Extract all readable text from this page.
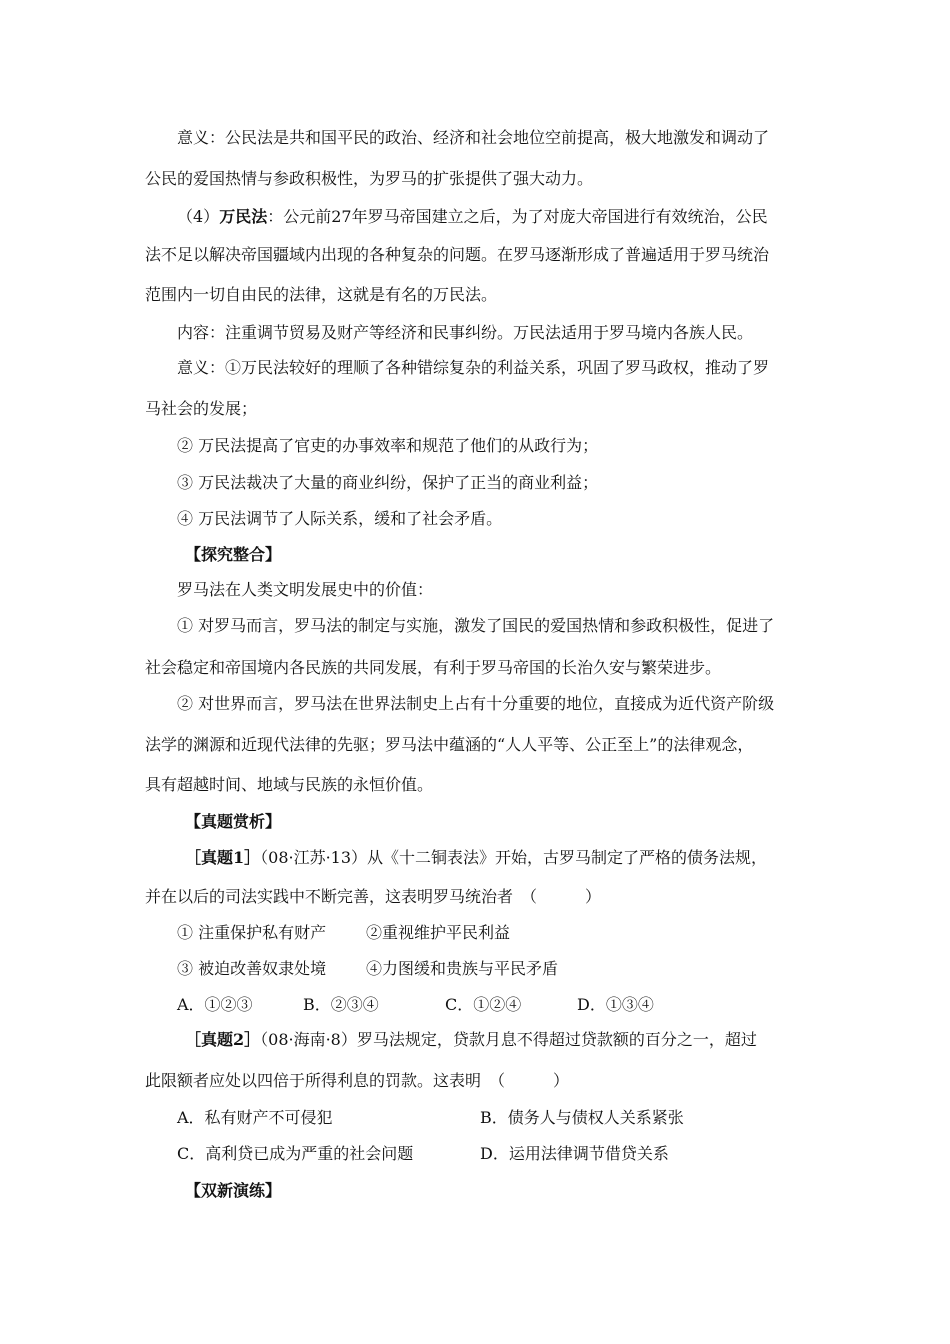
意义：公民法是共和国平民的政治、经济和社会地位空前提高，极大地激发和调动了
公民的爱国热情与参政积极性，为罗马的扩张提供了强大动力。
（4）万民法：公元前27年罗马帝国建立之后，为了对庞大帝国进行有效统治，公民
法不足以解决帝国疆域内出现的各种复杂的问题。在罗马逐渐形成了普遍适用于罗马统治
范围内一切自由民的法律，这就是有名的万民法。
内容：注重调节贸易及财产等经济和民事纠纷。万民法适用于罗马境内各族人民。
意义：①万民法较好的理顺了各种错综复杂的利益关系，巩固了罗马政权，推动了罗
马社会的发展；
② 万民法提高了官吏的办事效率和规范了他们的从政行为；
③ 万民法裁决了大量的商业纠纷，保护了正当的商业利益；
④ 万民法调节了人际关系，缓和了社会矛盾。
【探究整合】
罗马法在人类文明发展史中的价值：
① 对罗马而言，罗马法的制定与实施，激发了国民的爱国热情和参政积极性，促进了
社会稳定和帝国境内各民族的共同发展，有利于罗马帝国的长治久安与繁荣进步。
② 对世界而言，罗马法在世界法制史上占有十分重要的地位，直接成为近代资产阶级
法学的渊源和近现代法律的先驱；罗马法中蕴涵的“人人平等、公正至上”的法律观念，
具有超越时间、地域与民族的永恒价值。
【真题赏析】
［真题1］（08·江苏·13）从《十二铜表法》开始，古罗马制定了严格的债务法规，
并在以后的司法实践中不断完善，这表明罗马统治者　（　　　）
① 注重保护私有财产 ②重视维护平民利益
③ 被迫改善奴隶处境 ④力图缓和贵族与平民矛盾
A．①②③	B．②③④	C．①②④	D．①③④
［真题2］（08·海南·8）罗马法规定，贷款月息不得超过贷款额的百分之一，超过
此限额者应处以四倍于所得利息的罚款。这表明　（　　　）
A．私有财产不可侵犯	B．债务人与债权人关系紧张
C．高利贷已成为严重的社会问题	D．运用法律调节借贷关系
【双新演练】
